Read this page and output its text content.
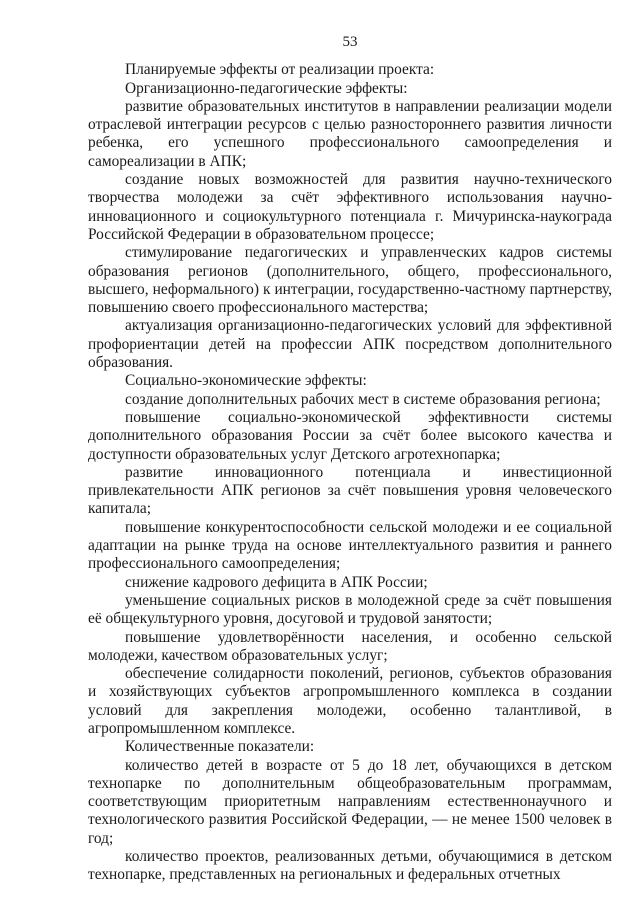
53

Планируемые эффекты от реализации проекта:

Организационно-педагогические эффекты:

развитие образовательных институтов в направлении реализации модели отраслевой интеграции ресурсов с целью разностороннего развития личности ребенка, его успешного профессионального самоопределения и самореализации в АПК;

создание новых возможностей для развития научно-технического творчества молодежи за счёт эффективного использования научно-инновационного и социокультурного потенциала г. Мичуринска-наукограда Российской Федерации в образовательном процессе;

стимулирование педагогических и управленческих кадров системы образования регионов (дополнительного, общего, профессионального, высшего, неформального) к интеграции, государственно-частному партнерству, повышению своего профессионального мастерства;

актуализация организационно-педагогических условий для эффективной профориентации детей на профессии АПК посредством дополнительного образования.

Социально-экономические эффекты:

создание дополнительных рабочих мест в системе образования региона;

повышение социально-экономической эффективности системы дополнительного образования России за счёт более высокого качества и доступности образовательных услуг Детского агротехнопарка;

развитие инновационного потенциала и инвестиционной привлекательности АПК регионов за счёт повышения уровня человеческого капитала;

повышение конкурентоспособности сельской молодежи и ее социальной адаптации на рынке труда на основе интеллектуального развития и раннего профессионального самоопределения;

снижение кадрового дефицита в АПК России;

уменьшение социальных рисков в молодежной среде за счёт повышения её общекультурного уровня, досуговой и трудовой занятости;

повышение удовлетворённости населения, и особенно сельской молодежи, качеством образовательных услуг;

обеспечение солидарности поколений, регионов, субъектов образования и хозяйствующих субъектов агропромышленного комплекса в создании условий для закрепления молодежи, особенно талантливой, в агропромышленном комплексе.

Количественные показатели:

количество детей в возрасте от 5 до 18 лет, обучающихся в детском технопарке по дополнительным общеобразовательным программам, соответствующим приоритетным направлениям естественнонаучного и технологического развития Российской Федерации, — не менее 1500 человек в год;

количество проектов, реализованных детьми, обучающимися в детском технопарке, представленных на региональных и федеральных отчетных
